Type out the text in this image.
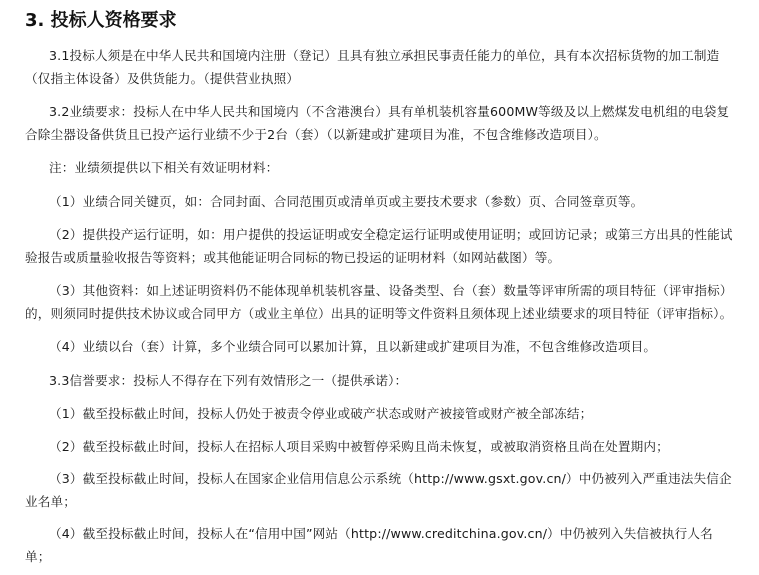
3. 投标人资格要求

3.1投标人须是在中华人民共和国境内注册（登记）且具有独立承担民事责任能力的单位，具有本次招标货物的加工制造（仅指主体设备）及供货能力。（提供营业执照）

3.2业绩要求：投标人在中华人民共和国境内（不含港澳台）具有单机装机容量600MW等级及以上燃煤发电机组的电袋复合除尘器设备供货且已投产运行业绩不少于2台（套）（以新建或扩建项目为准，不包含维修改造项目）。

注：业绩须提供以下相关有效证明材料：

（1）业绩合同关键页，如：合同封面、合同范围页或清单页或主要技术要求（参数）页、合同签章页等。

（2）提供投产运行证明，如：用户提供的投运证明或安全稳定运行证明或使用证明；或回访记录；或第三方出具的性能试验报告或质量验收报告等资料；或其他能证明合同标的物已投运的证明材料（如网站截图）等。

（3）其他资料：如上述证明资料仍不能体现单机装机容量、设备类型、台（套）数量等评审所需的项目特征（评审指标）的，则须同时提供技术协议或合同甲方（或业主单位）出具的证明等文件资料且须体现上述业绩要求的项目特征（评审指标）。

（4）业绩以台（套）计算，多个业绩合同可以累加计算，且以新建或扩建项目为准，不包含维修改造项目。

3.3信誉要求：投标人不得存在下列有效情形之一（提供承诺）：

（1）截至投标截止时间，投标人仍处于被责令停业或破产状态或财产被接管或财产被全部冻结；

（2）截至投标截止时间，投标人在招标人项目采购中被暂停采购且尚未恢复，或被取消资格且尚在处置期内；

（3）截至投标截止时间，投标人在国家企业信用信息公示系统（http://www.gsxt.gov.cn/）中仍被列入严重违法失信企业名单；

（4）截至投标截止时间，投标人在“信用中国”网站（http://www.creditchina.gov.cn/）中仍被列入失信被执行人名单；
